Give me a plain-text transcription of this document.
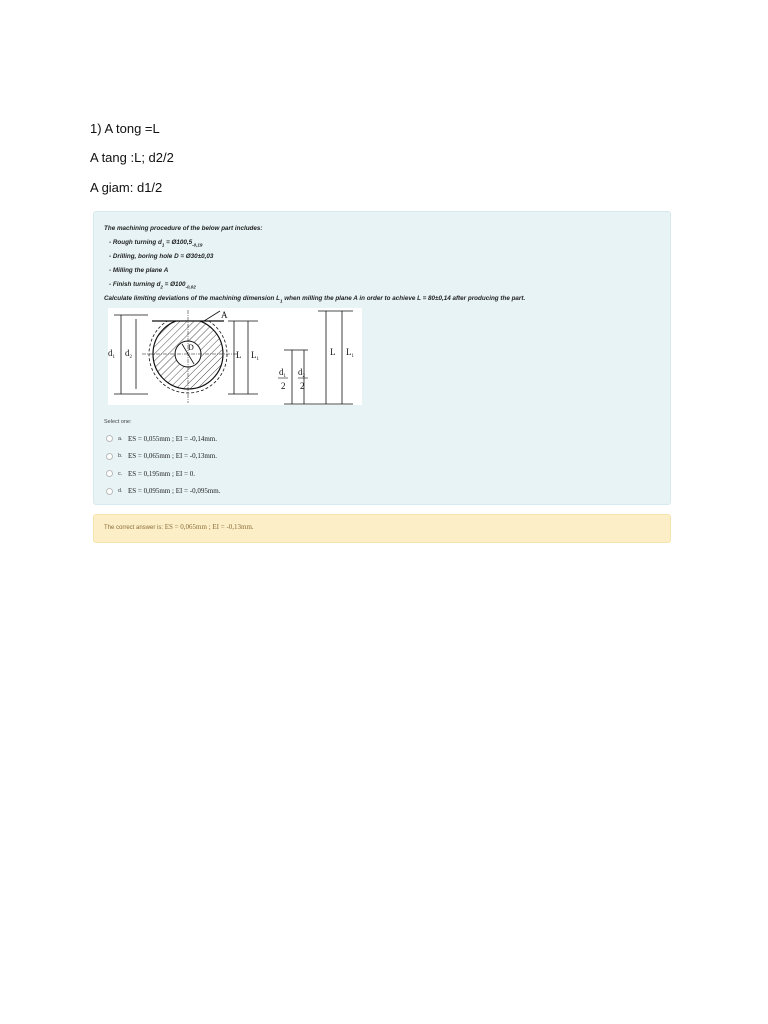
1) A tong =L

A tang :L; d2/2

A giam: d1/2

The machining procedure of the below part includes:
- Rough turning $d_1$ = $Ø100,5_{-0,19}$
- Drilling, boring hole D = Ø30±0,03
- Milling the plane A
- Finish turning $d_2$ = $Ø100_{-0,02}$
Calculate limiting deviations of the machining dimension $L_1$ when milling the plane A in order to achieve L = 80±0,14 after producing the part.
A
D
$d_1$ $d_2$	L $L_1$
$d_1$
2
$d_2$
2
L $L_1$
Select one:
a. ES = 0,055mm ; EI = -0,14mm.
b. ES = 0,065mm ; EI = -0,13mm.
c. ES = 0,195mm ; EI = 0.
d. ES = 0,095mm ; EI = -0,095mm.
The correct answer is: ES = 0,065mm ; EI = -0,13mm.
